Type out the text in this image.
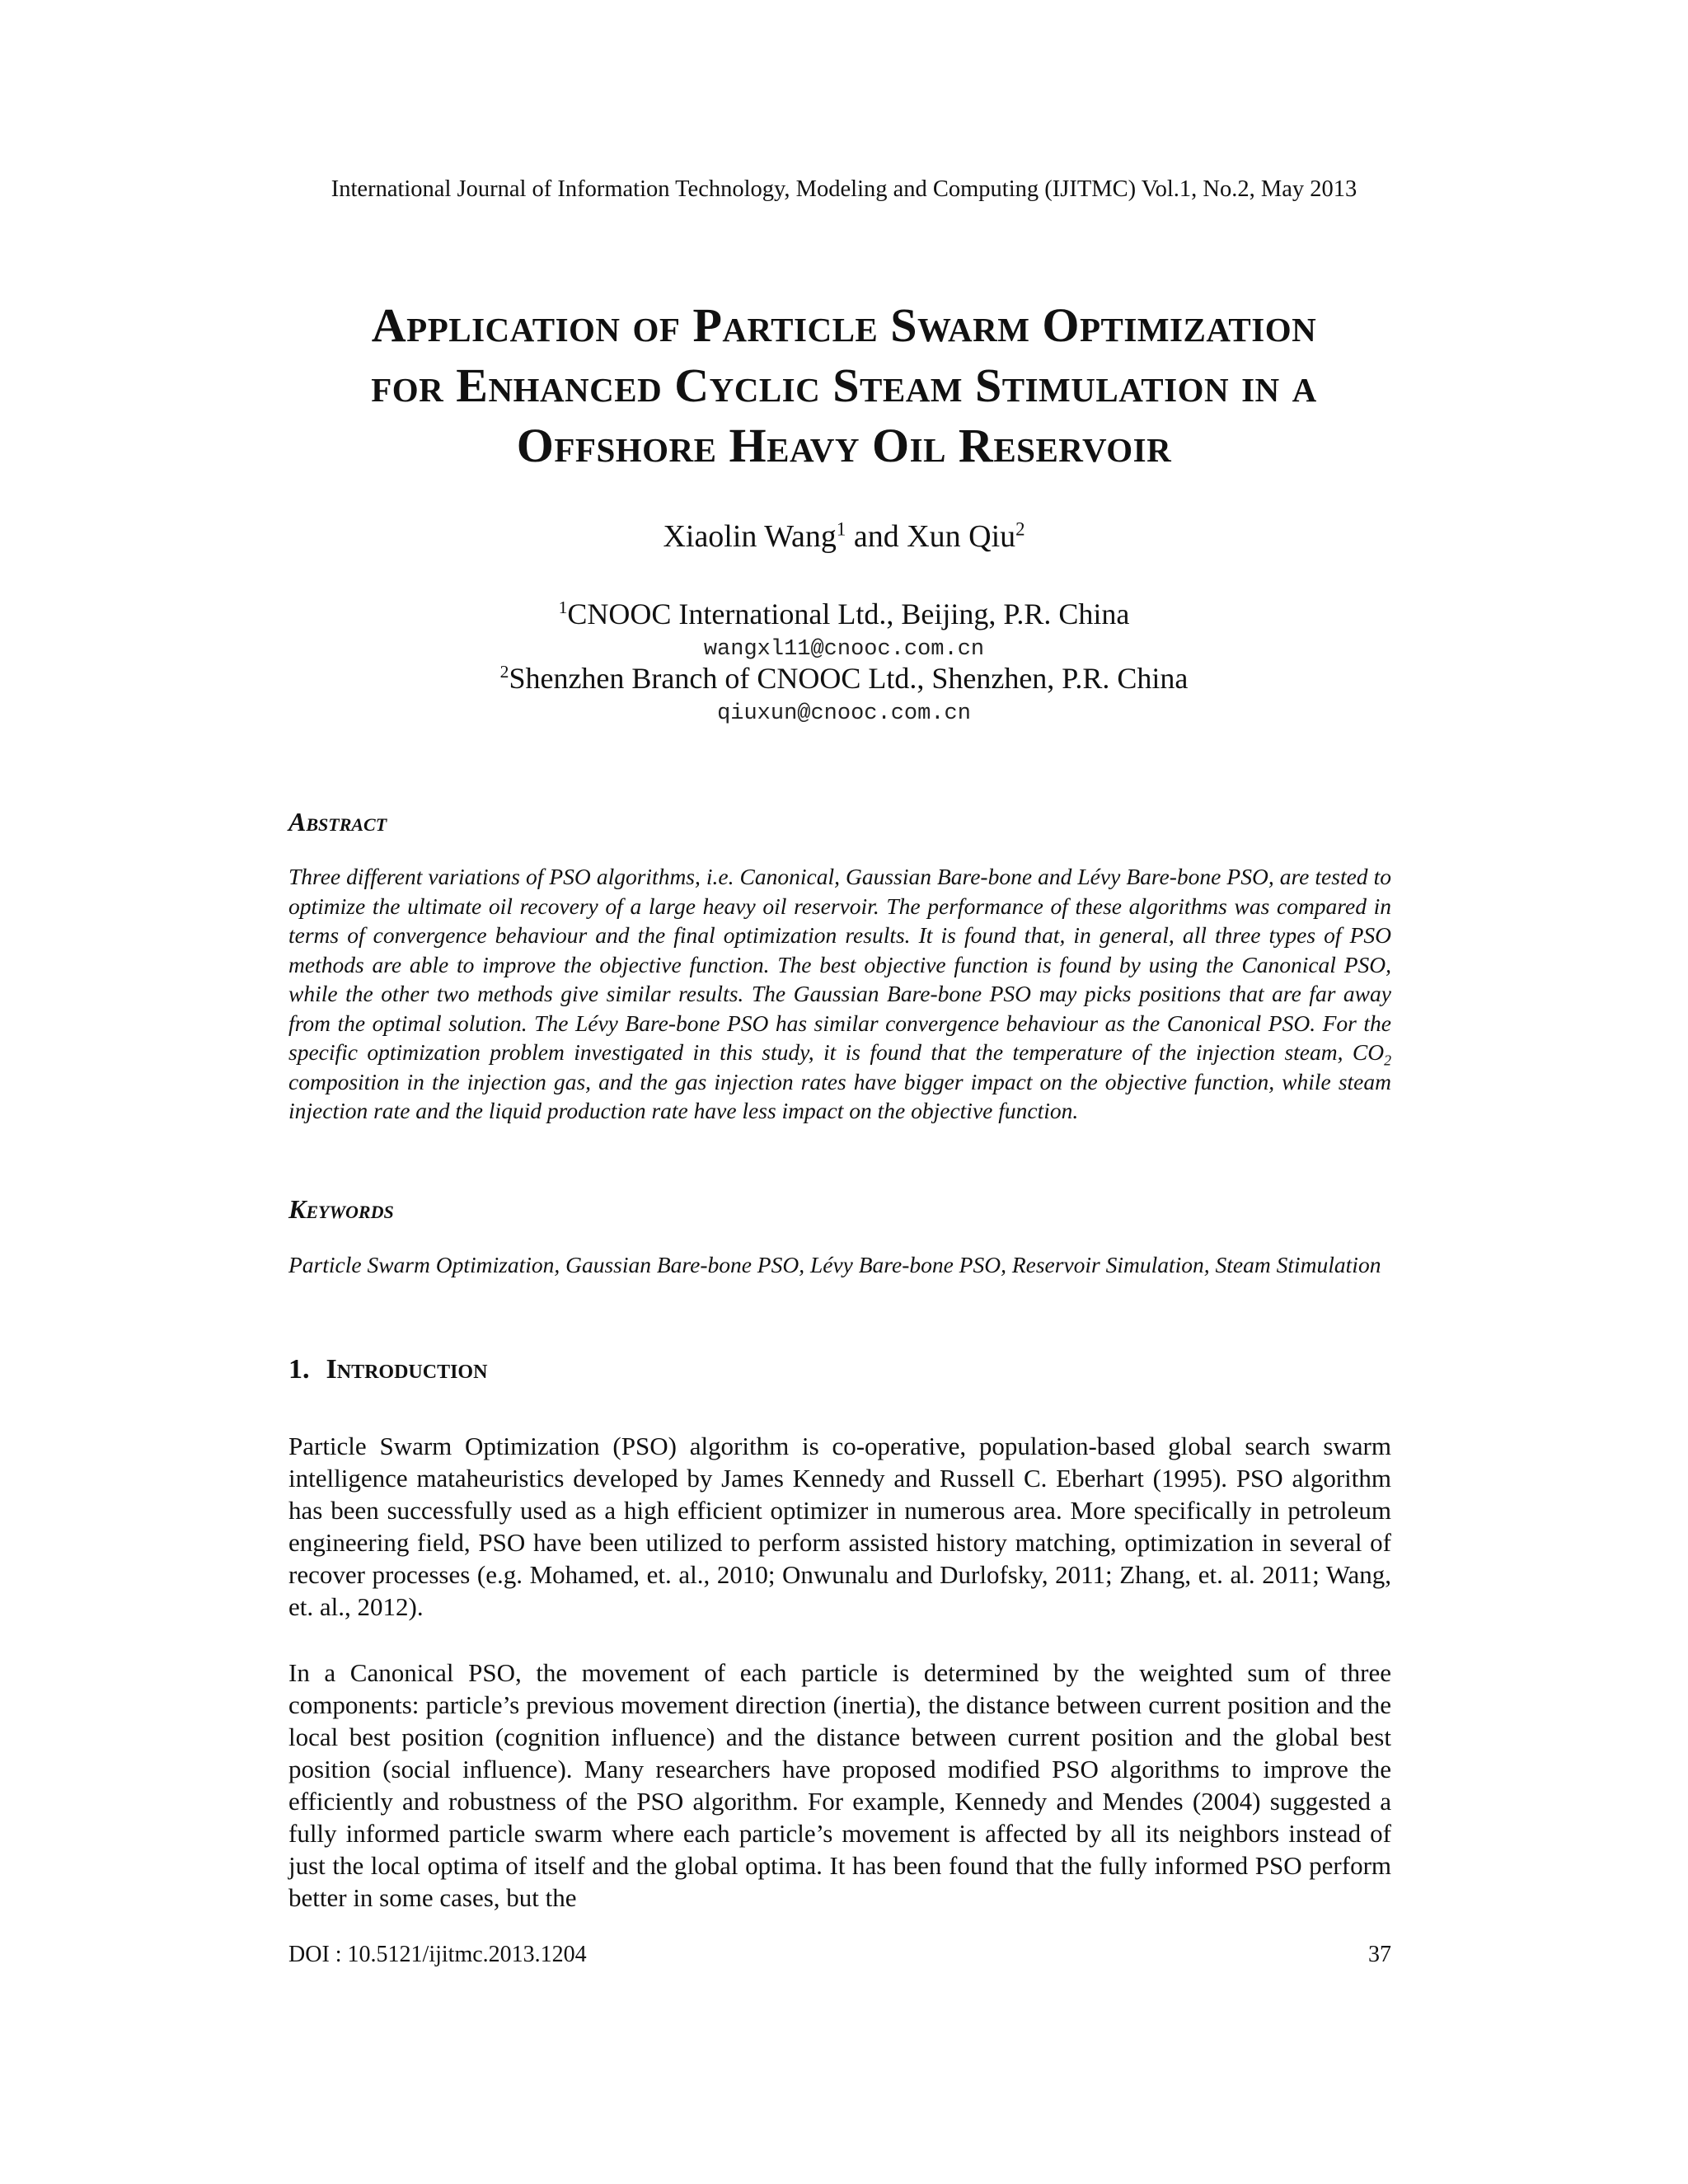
International Journal of Information Technology, Modeling and Computing (IJITMC) Vol.1, No.2, May 2013
Application of Particle Swarm Optimization
for Enhanced Cyclic Steam Stimulation in a
Offshore Heavy Oil Reservoir
Xiaolin Wang$^1$ and Xun Qiu$^2$
$^1$CNOOC International Ltd., Beijing, P.R. China
wangxl11@cnooc.com.cn
$^2$Shenzhen Branch of CNOOC Ltd., Shenzhen, P.R. China
qiuxun@cnooc.com.cn
Abstract
Three different variations of PSO algorithms, i.e. Canonical, Gaussian Bare-bone and Lévy Bare-bone PSO, are tested to optimize the ultimate oil recovery of a large heavy oil reservoir. The performance of these algorithms was compared in terms of convergence behaviour and the final optimization results. It is found that, in general, all three types of PSO methods are able to improve the objective function. The best objective function is found by using the Canonical PSO, while the other two methods give similar results. The Gaussian Bare-bone PSO may picks positions that are far away from the optimal solution. The Lévy Bare-bone PSO has similar convergence behaviour as the Canonical PSO. For the specific optimization problem investigated in this study, it is found that the temperature of the injection steam, $CO_2$ composition in the injection gas, and the gas injection rates have bigger impact on the objective function, while steam injection rate and the liquid production rate have less impact on the objective function.
Keywords
Particle Swarm Optimization, Gaussian Bare-bone PSO, Lévy Bare-bone PSO, Reservoir Simulation, Steam Stimulation
1. Introduction
Particle Swarm Optimization (PSO) algorithm is co-operative, population-based global search swarm intelligence mataheuristics developed by James Kennedy and Russell C. Eberhart (1995). PSO algorithm has been successfully used as a high efficient optimizer in numerous area. More specifically in petroleum engineering field, PSO have been utilized to perform assisted history matching, optimization in several of recover processes (e.g. Mohamed, et. al., 2010; Onwunalu and Durlofsky, 2011; Zhang, et. al. 2011; Wang, et. al., 2012).
In a Canonical PSO, the movement of each particle is determined by the weighted sum of three components: particle’s previous movement direction (inertia), the distance between current position and the local best position (cognition influence) and the distance between current position and the global best position (social influence). Many researchers have proposed modified PSO algorithms to improve the efficiently and robustness of the PSO algorithm. For example, Kennedy and Mendes (2004) suggested a fully informed particle swarm where each particle’s movement is affected by all its neighbors instead of just the local optima of itself and the global optima. It has been found that the fully informed PSO perform better in some cases, but the
DOI : 10.5121/ijitmc.2013.1204	37
